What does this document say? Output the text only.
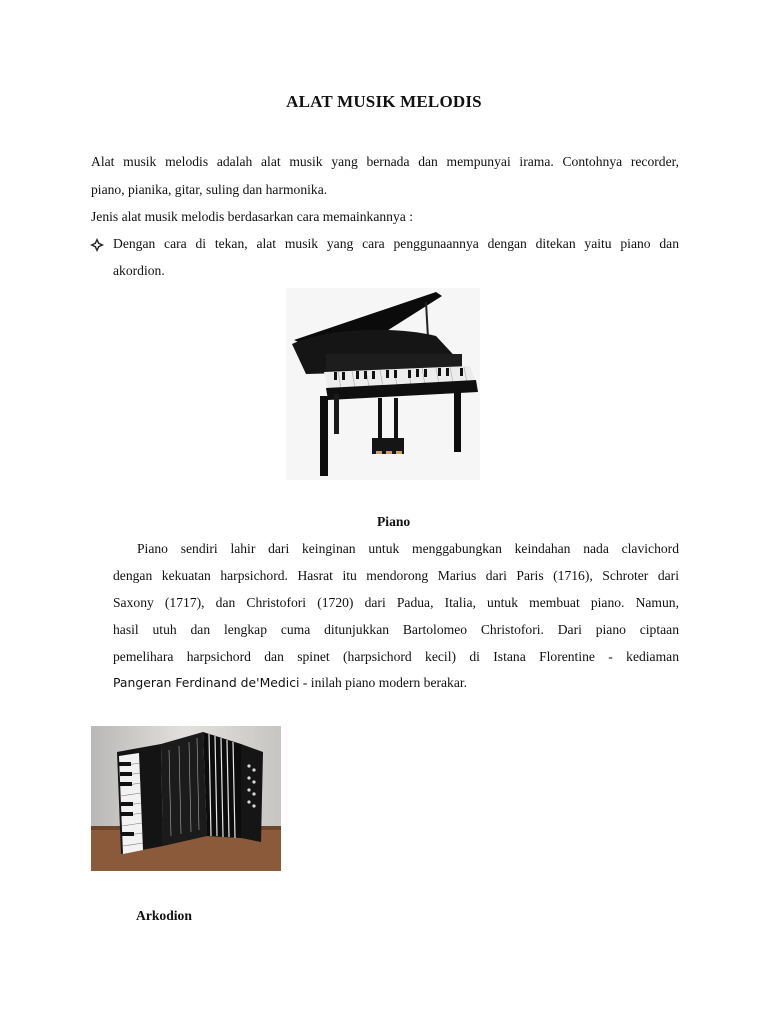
ALAT MUSIK MELODIS
Alat musik melodis adalah alat musik yang bernada dan mempunyai irama. Contohnya recorder,
piano, pianika, gitar, suling dan harmonika.
Jenis alat musik melodis berdasarkan cara memainkannya :
Dengan cara di tekan, alat musik yang cara penggunaannya dengan ditekan yaitu piano dan
akordion.
Piano
Piano sendiri lahir dari keinginan untuk menggabungkan keindahan nada clavichord
dengan kekuatan harpsichord. Hasrat itu mendorong Marius dari Paris (1716), Schroter dari
Saxony (1717), dan Christofori (1720) dari Padua, Italia, untuk membuat piano. Namun,
hasil utuh dan lengkap cuma ditunjukkan Bartolomeo Christofori. Dari piano ciptaan
pemelihara harpsichord dan spinet (harpsichord kecil) di Istana Florentine - kediaman
Pangeran Ferdinand de'Medici - inilah piano modern berakar.
Arkodion
